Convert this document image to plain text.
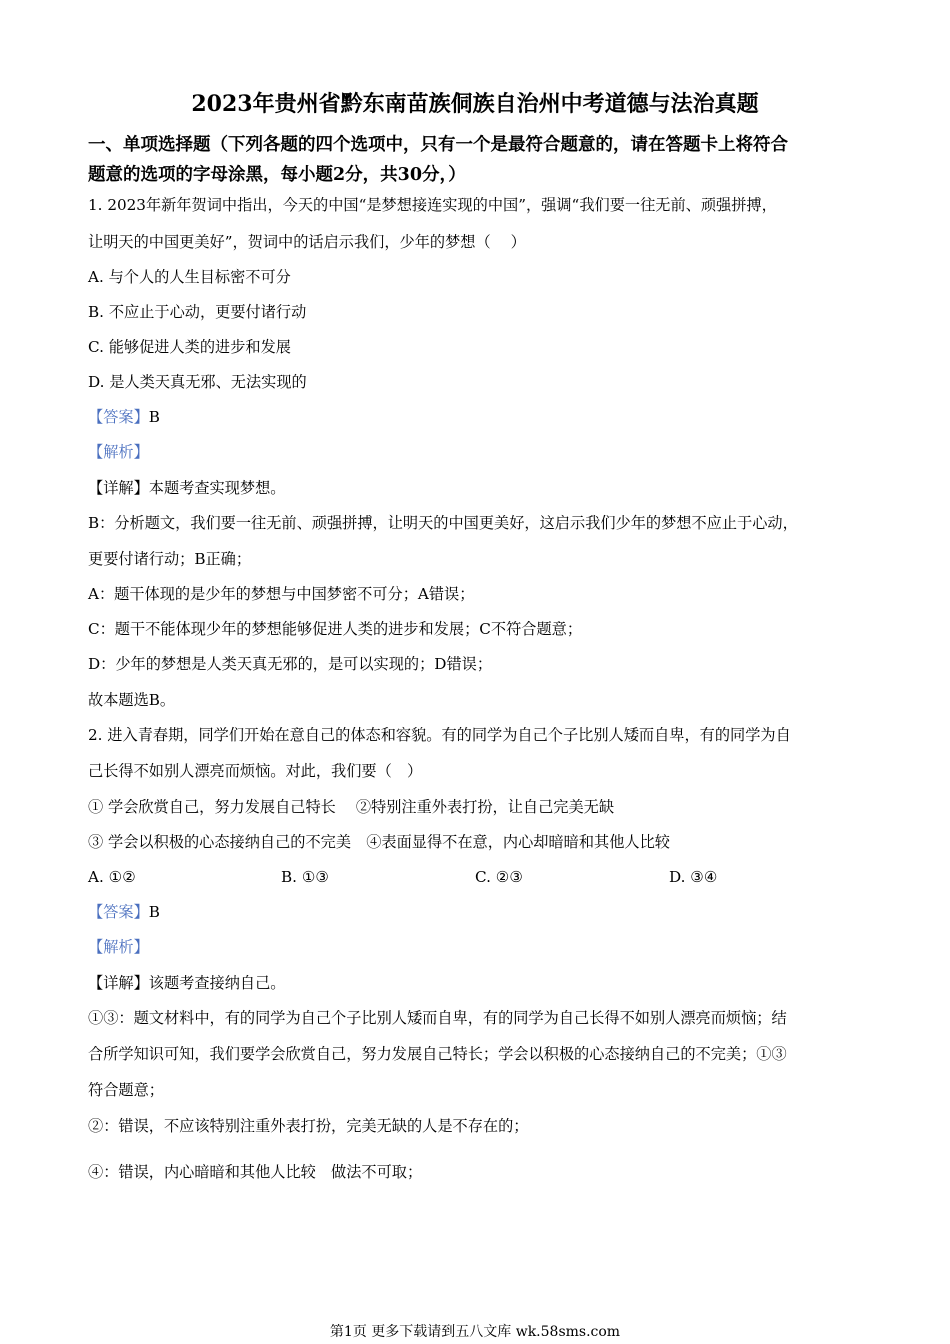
2023年贵州省黔东南苗族侗族自治州中考道德与法治真题
一、单项选择题（下列各题的四个选项中，只有一个是最符合题意的，请在答题卡上将符合
题意的选项的字母涂黑，每小题2分，共30分，）
1. 2023年新年贺词中指出，今天的中国“是梦想接连实现的中国”，强调“我们要一往无前、顽强拼搏，
让明天的中国更美好”，贺词中的话启示我们，少年的梦想（　 ）
A. 与个人的人生目标密不可分
B. 不应止于心动，更要付诸行动
C. 能够促进人类的进步和发展
D. 是人类天真无邪、无法实现的
【答案】B
【解析】
【详解】本题考查实现梦想。
B：分析题文，我们要一往无前、顽强拼搏，让明天的中国更美好，这启示我们少年的梦想不应止于心动，
更要付诸行动；B正确；
A：题干体现的是少年的梦想与中国梦密不可分；A错误；
C：题干不能体现少年的梦想能够促进人类的进步和发展；C不符合题意；
D：少年的梦想是人类天真无邪的，是可以实现的；D错误；
故本题选B。
2. 进入青春期，同学们开始在意自己的体态和容貌。有的同学为自己个子比别人矮而自卑，有的同学为自
己长得不如别人漂亮而烦恼。对此，我们要（　）
① 学会欣赏自己，努力发展自己特长　 ②特别注重外表打扮，让自己完美无缺
③ 学会以积极的心态接纳自己的不完美　④表面显得不在意，内心却暗暗和其他人比较
A. ①②	B. ①③	C. ②③	D. ③④
【答案】B
【解析】
【详解】该题考查接纳自己。
①③：题文材料中，有的同学为自己个子比别人矮而自卑，有的同学为自己长得不如别人漂亮而烦恼；结
合所学知识可知，我们要学会欣赏自己，努力发展自己特长；学会以积极的心态接纳自己的不完美；①③
符合题意；
②：错误，不应该特别注重外表打扮，完美无缺的人是不存在的；
④：错误，内心暗暗和其他人比较　做法不可取；
第1页 更多下载请到五八文库 wk.58sms.com
